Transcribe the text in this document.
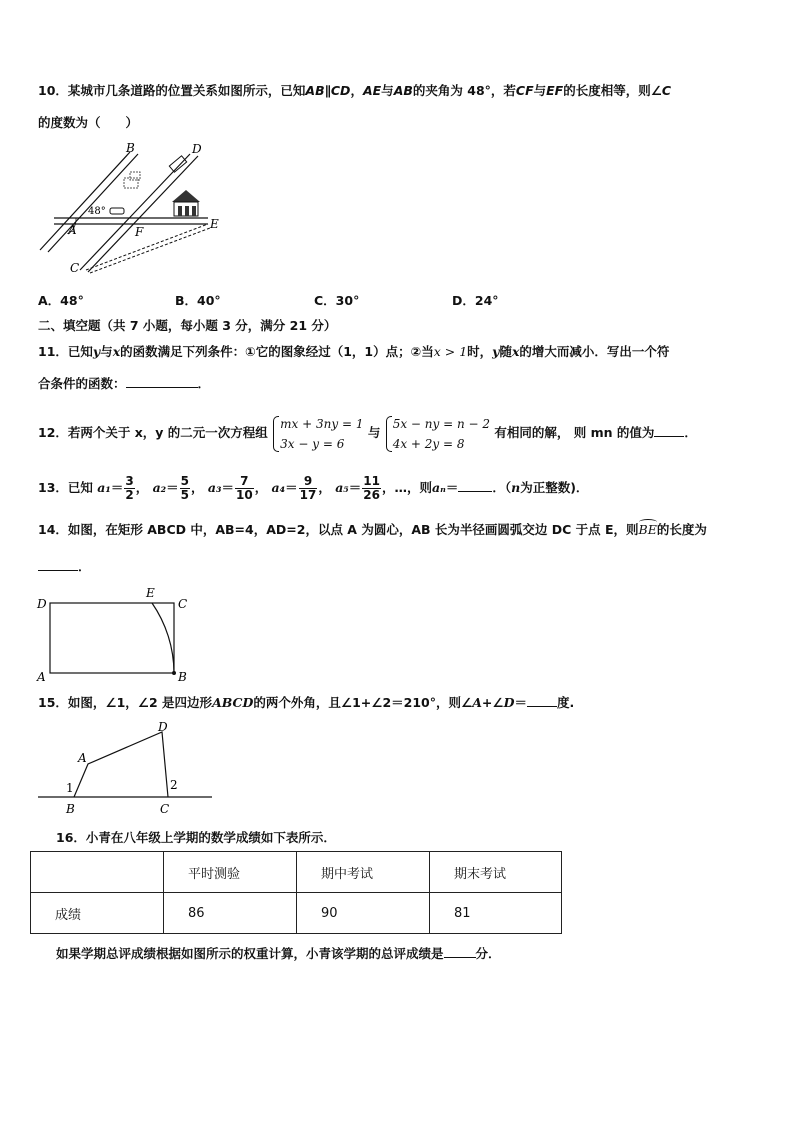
10．某城市几条道路的位置关系如图所示，已知AB∥CD，AE与AB的夹角为 48°，若CF与EF的长度相等，则∠C
的度数为（　　）
48°
B	D
A	F
E
C
A．48°	B．40°	C．30°	D．24°
二、填空题（共 7 小题，每小题 3 分，满分 21 分）
11．已知y与x的函数满足下列条件：①它的图象经过（1，1）点；②当x > 1时，y随x的增大而减小．写出一个符
合条件的函数：	．
12．若两个关于 x，y 的二元一次方程组
mx + 3ny = 1
3x − y = 6
与
5x − ny = n − 2
4x + 2y = 8
有相同的解， 则 mn 的值为 ．
13．已知 $a_1= \frac{3}{2}$ ， $a_2= \frac{5}{5}$ ， $a_3= \frac{7}{10}$ ， $a_4= \frac{9}{17}$ ， $a_5= \frac{11}{26}$ ，…，则aₙ＝	．（n为正整数)．
14．如图，在矩形 ABCD 中，AB=4，AD=2，以点 A 为圆心，AB 长为半径画圆弧交边 DC 于点 E，则BE
的长度为
．
D
E
C
A	B
15．如图，∠1，∠2 是四边形ABCD的两个外角，且∠1+∠2＝210°，则∠A+∠D＝ 度.
A
D
1	2
B	C
16．小青在八年级上学期的数学成绩如下表所示．
	平时测验	期中考试	期末考试
成绩	86	90	81
如果学期总评成绩根据如图所示的权重计算，小青该学期的总评成绩是	分．
